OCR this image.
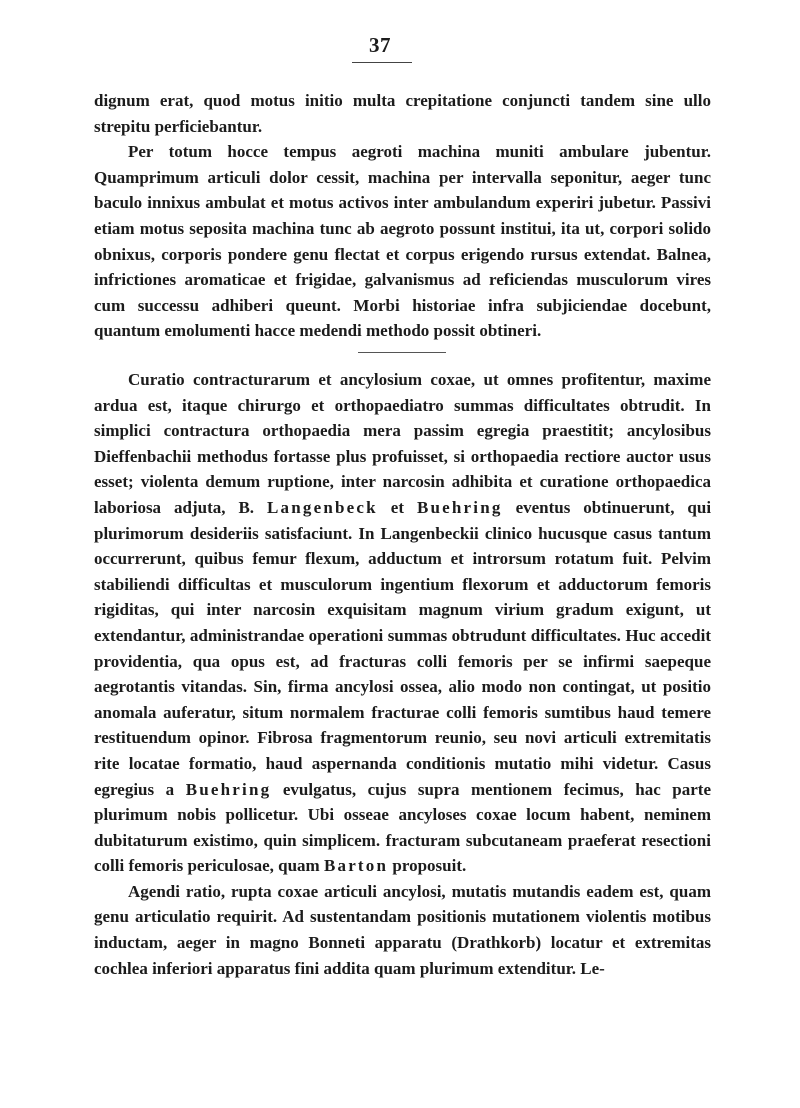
37

dignum erat, quod motus initio multa crepitatione conjuncti tandem sine ullo strepitu perficiebantur.

Per totum hocce tempus aegroti machina muniti ambulare jubentur. Quamprimum articuli dolor cessit, machina per intervalla seponitur, aeger tunc baculo innixus ambulat et motus activos inter ambulandum experiri jubetur. Passivi etiam motus seposita machina tunc ab aegroto possunt institui, ita ut, corpori solido obnixus, corporis pondere genu flectat et corpus erigendo rursus extendat. Balnea, infrictiones aromaticae et frigidae, galvanismus ad reficiendas musculorum vires cum successu adhiberi queunt. Morbi historiae infra subjiciendae docebunt, quantum emolumenti hacce medendi methodo possit obtineri.

Curatio contracturarum et ancylosium coxae, ut omnes profitentur, maxime ardua est, itaque chirurgo et orthopaediatro summas difficultates obtrudit. In simplici contractura orthopaedia mera passim egregia praestitit; ancylosibus Dieffenbachii methodus fortasse plus profuisset, si orthopaedia rectiore auctor usus esset; violenta demum ruptione, inter narcosin adhibita et curatione orthopaedica laboriosa adjuta, B. Langenbeck et Buehring eventus obtinuerunt, qui plurimorum desideriis satisfaciunt. In Langenbeckii clinico hucusque casus tantum occurrerunt, quibus femur flexum, adductum et introrsum rotatum fuit. Pelvim stabiliendi difficultas et musculorum ingentium flexorum et adductorum femoris rigiditas, qui inter narcosin exquisitam magnum virium gradum exigunt, ut extendantur, administrandae operationi summas obtrudunt difficultates. Huc accedit providentia, qua opus est, ad fracturas colli femoris per se infirmi saepeque aegrotantis vitandas. Sin, firma ancylosi ossea, alio modo non contingat, ut positio anomala auferatur, situm normalem fracturae colli femoris sumtibus haud temere restituendum opinor. Fibrosa fragmentorum reunio, seu novi articuli extremitatis rite locatae formatio, haud aspernanda conditionis mutatio mihi videtur. Casus egregius a Buehring evulgatus, cujus supra mentionem fecimus, hac parte plurimum nobis pollicetur. Ubi osseae ancyloses coxae locum habent, neminem dubitaturum existimo, quin simplicem. fracturam subcutaneam praeferat resectioni colli femoris periculosae, quam Barton proposuit.

Agendi ratio, rupta coxae articuli ancylosi, mutatis mutandis eadem est, quam genu articulatio requirit. Ad sustentandam positionis mutationem violentis motibus inductam, aeger in magno Bonneti apparatu (Drathkorb) locatur et extremitas cochlea inferiori apparatus fini addita quam plurimum extenditur. Le-
